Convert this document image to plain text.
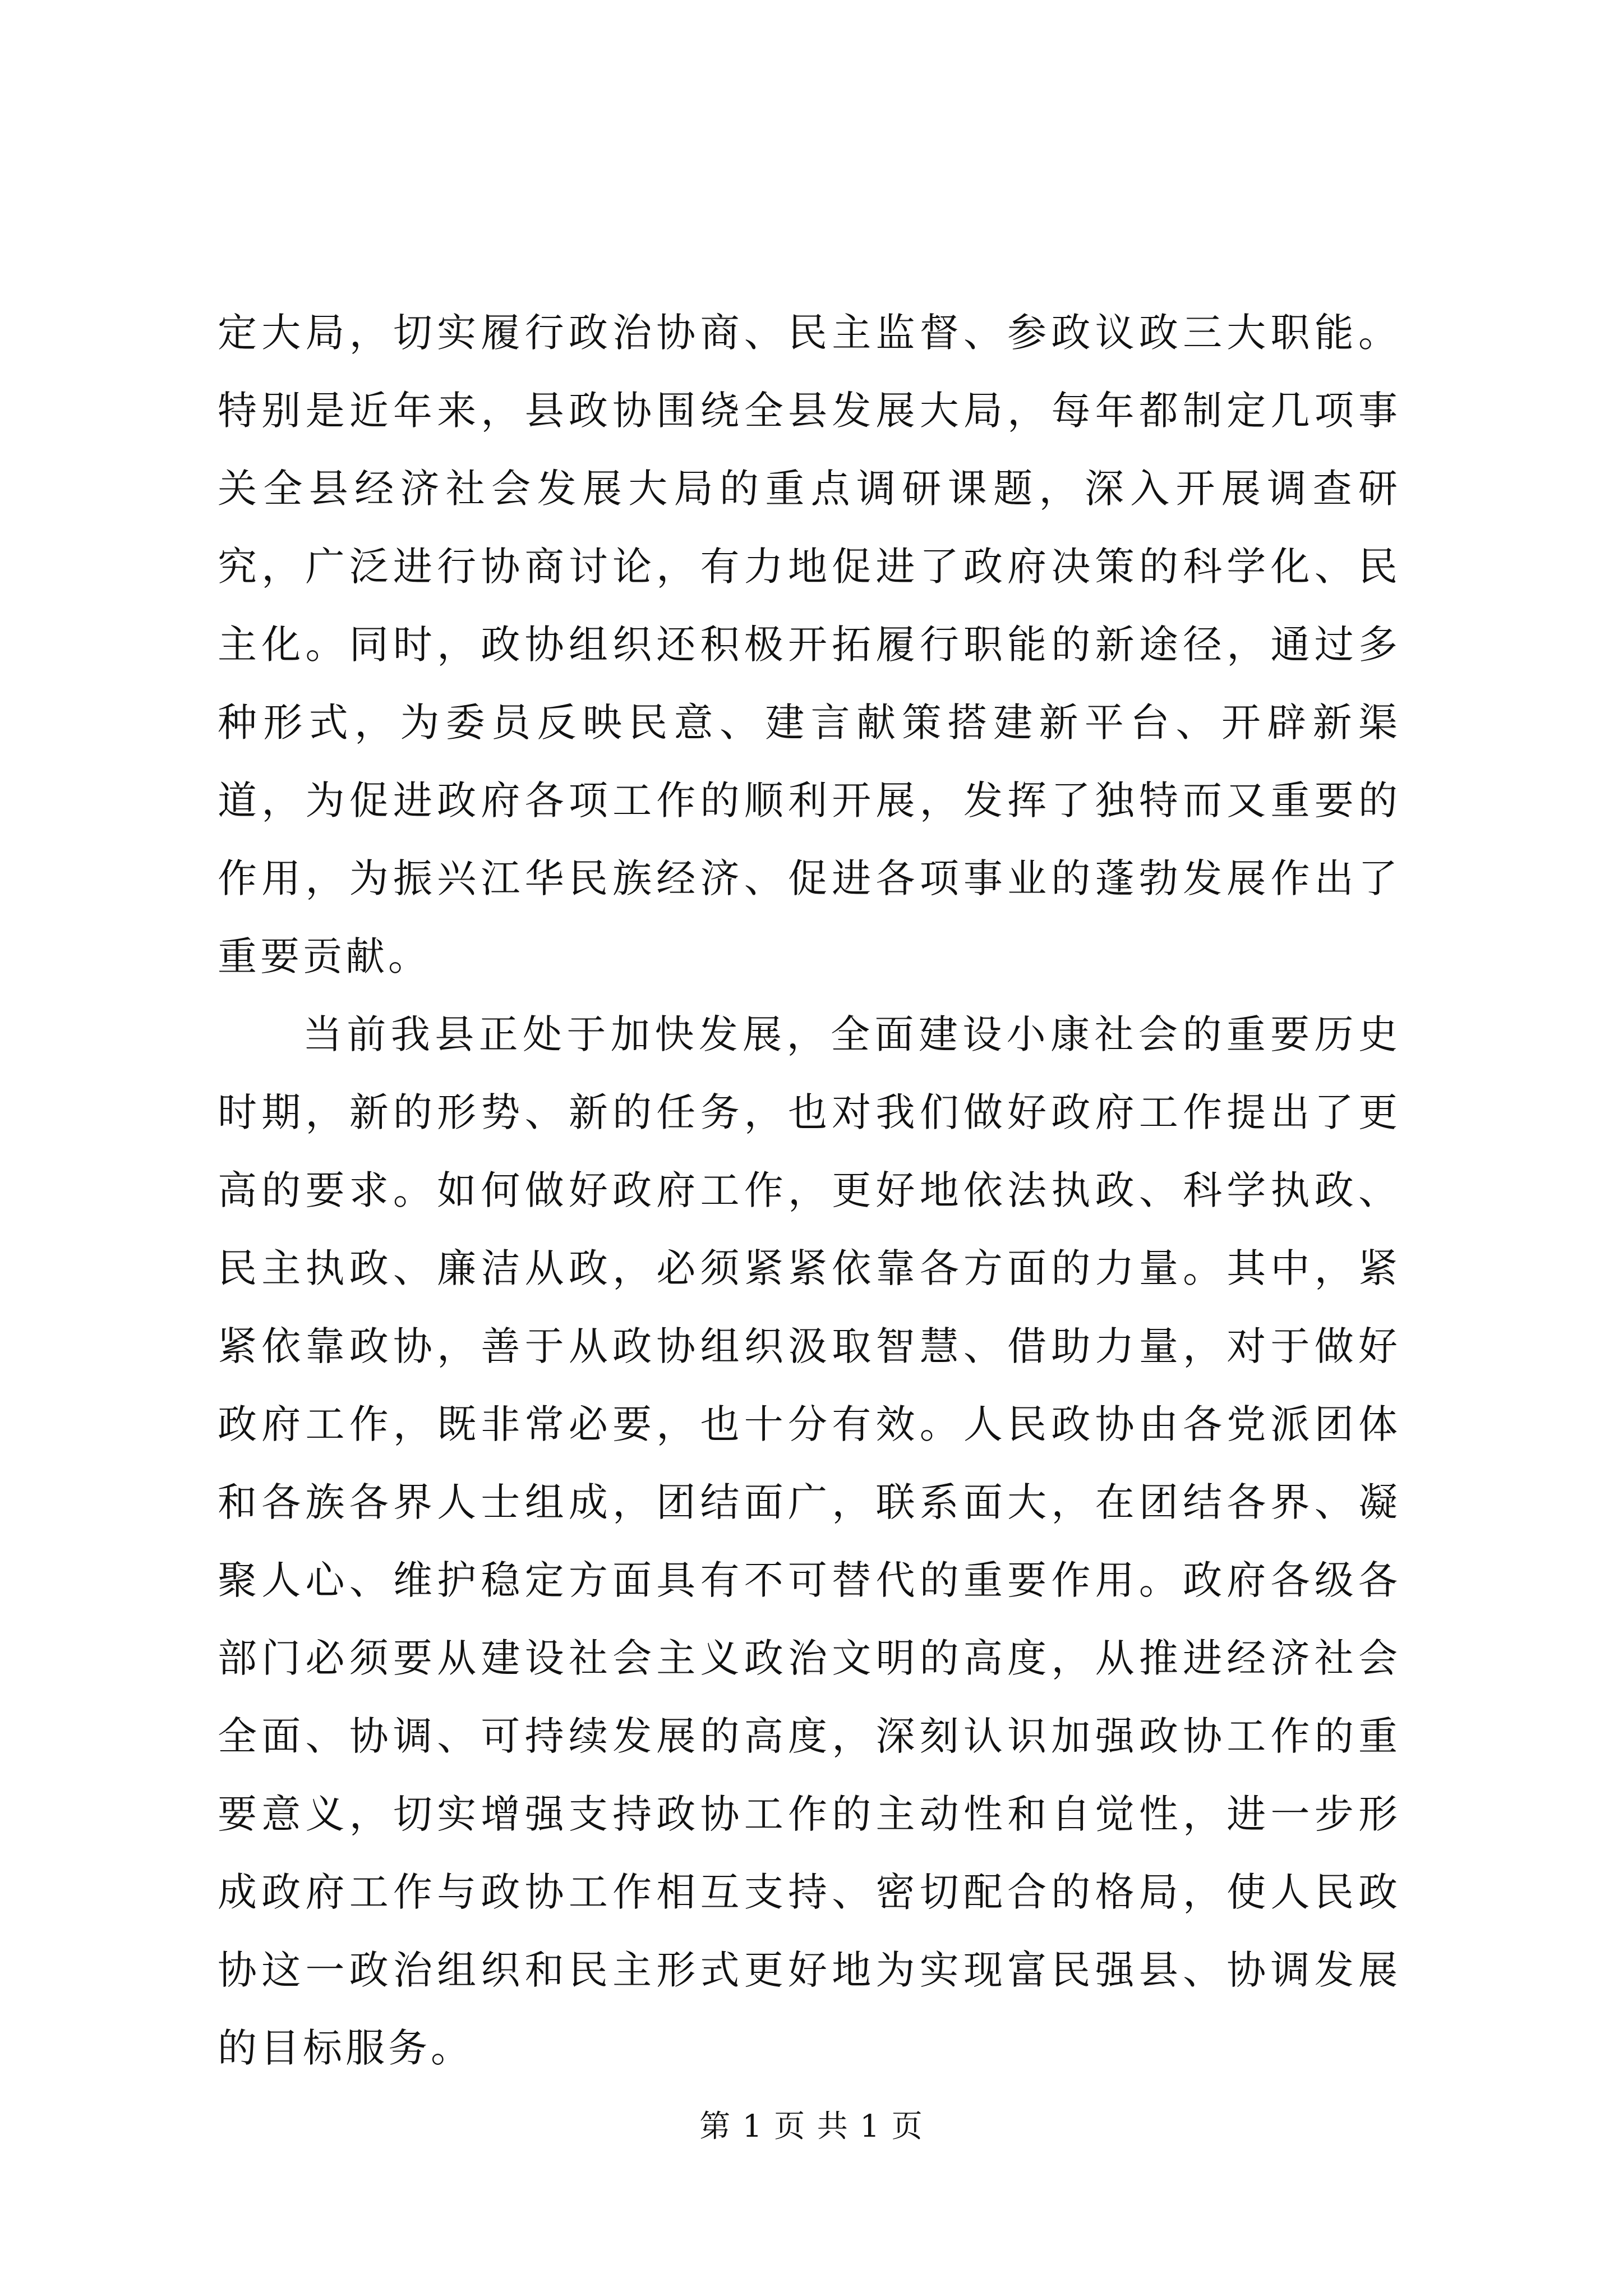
定大局，切实履行政治协商、民主监督、参政议政三大职能。特别是近年来，县政协围绕全县发展大局，每年都制定几项事关全县经济社会发展大局的重点调研课题，深入开展调查研究，广泛进行协商讨论，有力地促进了政府决策的科学化、民主化。同时，政协组织还积极开拓履行职能的新途径，通过多种形式，为委员反映民意、建言献策搭建新平台、开辟新渠道，为促进政府各项工作的顺利开展，发挥了独特而又重要的作用，为振兴江华民族经济、促进各项事业的蓬勃发展作出了重要贡献。

当前我县正处于加快发展，全面建设小康社会的重要历史时期，新的形势、新的任务，也对我们做好政府工作提出了更高的要求。如何做好政府工作，更好地依法执政、科学执政、民主执政、廉洁从政，必须紧紧依靠各方面的力量。其中，紧紧依靠政协，善于从政协组织汲取智慧、借助力量，对于做好政府工作，既非常必要，也十分有效。人民政协由各党派团体和各族各界人士组成，团结面广，联系面大，在团结各界、凝聚人心、维护稳定方面具有不可替代的重要作用。政府各级各部门必须要从建设社会主义政治文明的高度，从推进经济社会全面、协调、可持续发展的高度，深刻认识加强政协工作的重要意义，切实增强支持政协工作的主动性和自觉性，进一步形成政府工作与政协工作相互支持、密切配合的格局，使人民政协这一政治组织和民主形式更好地为实现富民强县、协调发展的目标服务。

第 1 页 共 1 页
